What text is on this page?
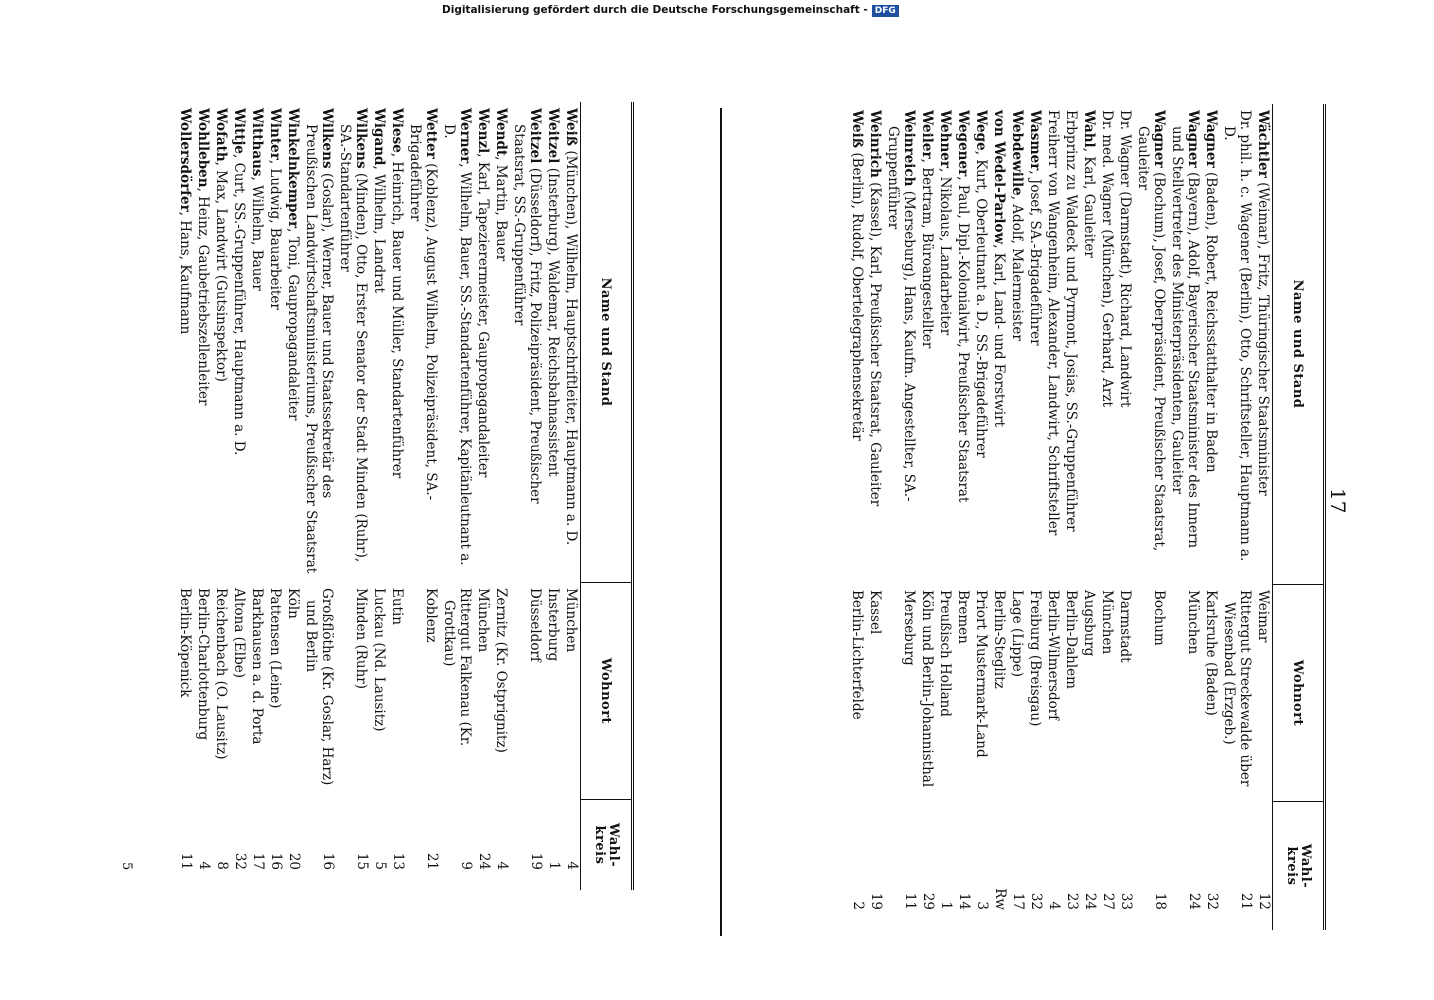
17
Name und Stand
Wohnort
Wahl-
kreis
Wächtler (Weimar), Fritz, Thüringischer Staatsminister
Weimar
12
Dr. phil. h. c. Wagener (Berlin), Otto, Schriftsteller, Hauptmann a. D.
Rittergut Streckewalde über Wiesenbad (Erzgeb.)
21
Wagner (Baden), Robert, Reichsstatthalter in Baden
Karlsruhe (Baden)
32
Wagner (Bayern), Adolf, Bayerischer Staatsminister des Innern und Stellvertreter des Ministerpräsidenten, Gauleiter
München
24
Wagner (Bochum), Josef, Oberpräsident, Preußischer Staatsrat, Gauleiter
Bochum
18
Dr. Wagner (Darmstadt), Richard, Landwirt
Darmstadt
33
Dr. med. Wagner (München), Gerhard, Arzt
München
27
Wahl, Karl, Gauleiter
Augsburg
24
Erbprinz zu Waldeck und Pyrmont, Josias, SS.-Gruppenführer
Berlin-Dahlem
23
Freiherr von Wangenheim, Alexander, Landwirt, Schriftsteller
Berlin-Wilmersdorf
4
Wasmer, Josef, SA.-Brigadeführer
Freiburg (Breisgau)
32
Webdewille, Adolf, Malermeister
Lage (Lippe)
17
von Wedel-Parlow, Karl, Land- und Forstwirt
Berlin-Steglitz
Rw
Wege, Kurt, Oberleutnant a. D., SS.-Brigadeführer
Priort Mustermark-Land
3
Wegener, Paul, Dipl.-Kolonialwirt, Preußischer Staatsrat
Bremen
14
Wehner, Nikolaus, Landarbeiter
Preußisch Holland
1
Weiler, Bertram, Büroangestellter
Köln und Berlin-Johannisthal
29
Weinreich (Merseburg), Hans, Kaufm. Angestellter, SA.-Gruppenführer
Merseburg
11
Weinrich (Kassel), Karl, Preußischer Staatsrat, Gauleiter
Kassel
19
Weiß (Berlin), Rudolf, Obertelegraphensekretär
Berlin-Lichterfelde
2
Name und Stand
Wohnort
Wahl-
kreis
Weiß (München), Wilhelm, Hauptschriftleiter, Hauptmann a. D.
München
4
Weitzel (Insterburg), Waldemar, Reichsbahnassistent
Insterburg
1
Weitzel (Düsseldorf), Fritz, Polizeipräsident, Preußischer Staatsrat, SS.-Gruppenführer
Düsseldorf
19
Wendt, Martin, Bauer
Zernitz (Kr. Ostprignitz)
4
Wenzl, Karl, Tapezierermeister, Gaupropagandaleiter
München
24
Werner, Wilhelm, Bauer, SS.-Standartenführer, Kapitänleutnant a. D.
Rittergut Falkenau (Kr. Grottkau)
9
Wetter (Koblenz), August Wilhelm, Polizeipräsident, SA.-Brigadeführer
Koblenz
21
Wiese, Heinrich, Bauer und Müller, Standartenführer
Eutin
13
Wigand, Wilhelm, Landrat
Luckau (Nd. Lausitz)
5
Wilkens (Minden), Otto, Erster Senator der Stadt Minden (Ruhr), SA.-Standartenführer
Minden (Ruhr)
15
Wilkens (Goslar), Werner, Bauer und Staatssekretär des Preußischen Landwirtschaftsministeriums, Preußischer Staatsrat
Großflöthe (Kr. Goslar, Harz) und Berlin
16
Winkelnkemper, Toni, Gaupropagandaleiter
Köln
20
Winter, Ludwig, Bauarbeiter
Pattensen (Leine)
16
Witthaus, Wilhelm, Bauer
Barkhausen a. d. Porta
17
Wittje, Curt, SS.-Gruppenführer, Hauptmann a. D.
Altona (Elbe)
32
Wofath, Max, Landwirt (Gutsinspektor)
Reichenbach (O. Lausitz)
8
Wohlleben, Heinz, Gaubetriebszellenleiter
Berlin-Charlottenburg
4
Wollersdörfer, Hans, Kaufmann
Berlin-Köpenick
11
5
Digitalisierung gefördert durch die Deutsche Forschungsgemeinschaft - DFG
